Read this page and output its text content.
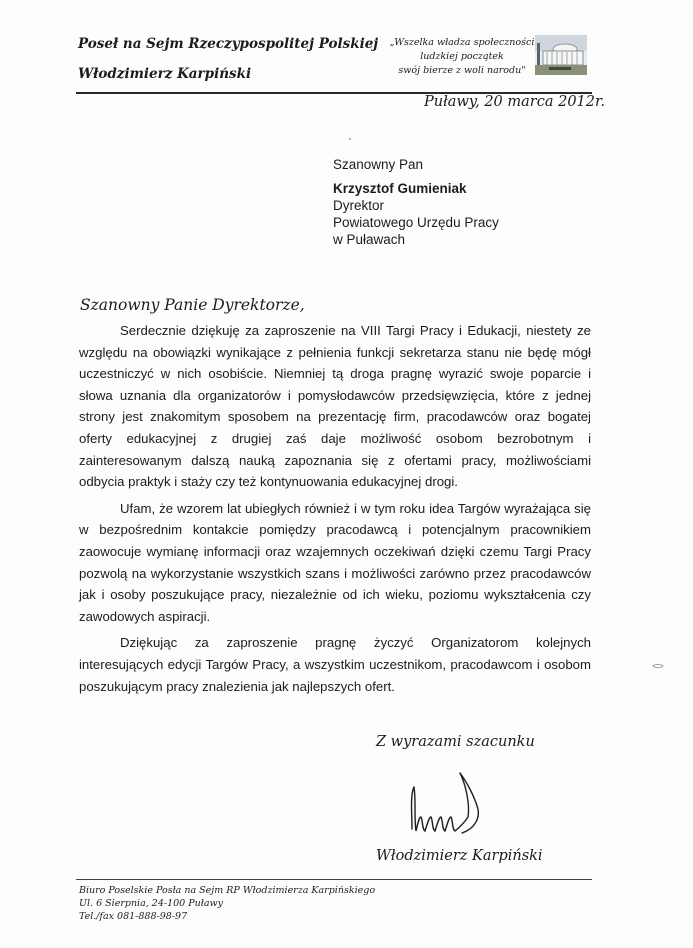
Poseł na Sejm Rzeczypospolitej Polskiej
Włodzimierz Karpiński
„Wszelka władza społeczności
ludzkiej początek
swój bierze z woli narodu"
Puławy, 20 marca 2012r.
Szanowny Pan
Krzysztof Gumieniak
Dyrektor
Powiatowego Urzędu Pracy
w Puławach
Szanowny Panie Dyrektorze,

Serdecznie dziękuję za zaproszenie na VIII Targi Pracy i Edukacji, niestety ze względu na obowiązki wynikające z pełnienia funkcji sekretarza stanu nie będę mógł uczestniczyć w nich osobiście. Niemniej tą droga pragnę wyrazić swoje poparcie i słowa uznania dla organizatorów i pomysłodawców przedsięwzięcia, które z jednej strony jest znakomitym sposobem na prezentację firm, pracodawców oraz bogatej oferty edukacyjnej z drugiej zaś daje możliwość osobom bezrobotnym i zainteresowanym dalszą nauką zapoznania się z ofertami pracy, możliwościami odbycia praktyk i staży czy też kontynuowania edukacyjnej drogi.

Ufam, że wzorem lat ubiegłych również i w tym roku idea Targów wyrażająca się w bezpośrednim kontakcie pomiędzy pracodawcą i potencjalnym pracownikiem zaowocuje wymianę informacji oraz wzajemnych oczekiwań dzięki czemu Targi Pracy pozwolą na wykorzystanie wszystkich szans i możliwości zarówno przez pracodawców jak i osoby poszukujące pracy, niezależnie od ich wieku, poziomu wykształcenia czy zawodowych aspiracji.

Dziękując za zaproszenie pragnę życzyć Organizatorom kolejnych interesujących edycji Targów Pracy, a wszystkim uczestnikom, pracodawcom i osobom poszukującym pracy znalezienia jak najlepszych ofert.

Z wyrazami szacunku
Włodzimierz Karpiński
Biuro Poselskie Posła na Sejm RP Włodzimierza Karpińskiego
Ul. 6 Sierpnia, 24-100 Puławy
Tel./fax 081-888-98-97
